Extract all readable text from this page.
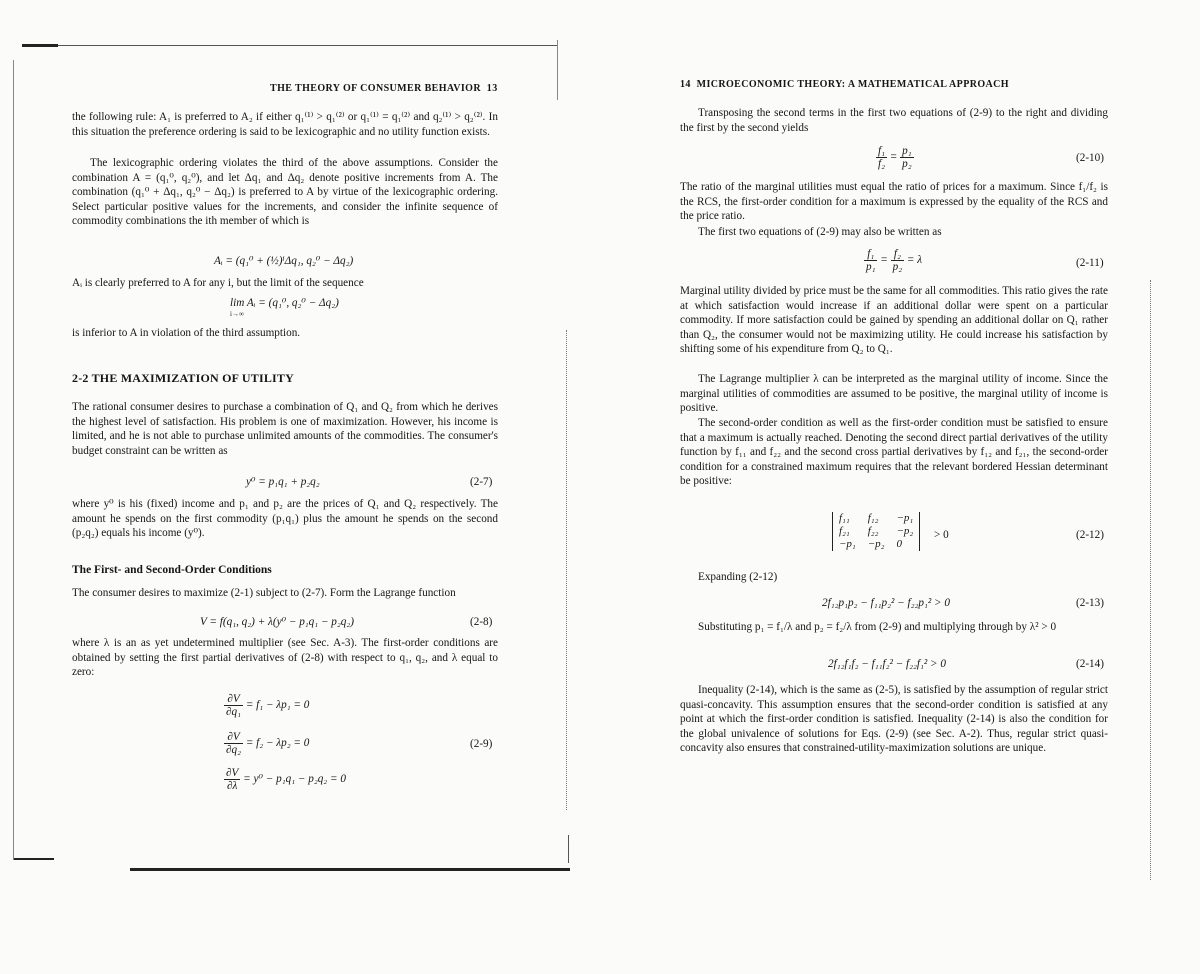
THE THEORY OF CONSUMER BEHAVIOR 13

the following rule: A₁ is preferred to A₂ if either q₁⁽¹⁾ > q₁⁽²⁾ or q₁⁽¹⁾ = q₁⁽²⁾ and q₂⁽¹⁾ > q₂⁽²⁾. In this situation the preference ordering is said to be lexicographic and no utility function exists.

The lexicographic ordering violates the third of the above assumptions. Consider the combination A = (q₁⁰, q₂⁰), and let Δq₁ and Δq₂ denote positive increments from A. The combination (q₁⁰ + Δq₁, q₂⁰ − Δq₂) is preferred to A by virtue of the lexicographic ordering. Select particular positive values for the increments, and consider the infinite sequence of commodity combinations the ith member of which is

Aᵢ = (q₁⁰ + (½)ⁱΔq₁, q₂⁰ − Δq₂)

Aᵢ is clearly preferred to A for any i, but the limit of the sequence

lim Aᵢ = (q₁⁰, q₂⁰ − Δq₂)
i→∞

is inferior to A in violation of the third assumption.

2-2 THE MAXIMIZATION OF UTILITY

The rational consumer desires to purchase a combination of Q₁ and Q₂ from which he derives the highest level of satisfaction. His problem is one of maximization. However, his income is limited, and he is not able to purchase unlimited amounts of the commodities. The consumer's budget constraint can be written as

y⁰ = p₁q₁ + p₂q₂	(2-7)

where y⁰ is his (fixed) income and p₁ and p₂ are the prices of Q₁ and Q₂ respectively. The amount he spends on the first commodity (p₁q₁) plus the amount he spends on the second (p₂q₂) equals his income (y⁰).

The First- and Second-Order Conditions

The consumer desires to maximize (2-1) subject to (2-7). Form the Lagrange function

V = f(q₁, q₂) + λ(y⁰ − p₁q₁ − p₂q₂)	(2-8)

where λ is an as yet undetermined multiplier (see Sec. A-3). The first-order conditions are obtained by setting the first partial derivatives of (2-8) with respect to q₁, q₂, and λ equal to zero:

$\frac{\partial V}{\text{∂q₁}} = f_1 - \lambda p_1 = 0$
$\frac{\partial V}{\text{∂q₂}} = f_2 - \lambda p_2 = 0$	(2-9)
$\frac{\partial V}{\partial\lambda} = y^0 - p_1q_1 - p_2q_2 = 0$
14 MICROECONOMIC THEORY: A MATHEMATICAL APPROACH

Transposing the second terms in the first two equations of (2-9) to the right and dividing the first by the second yields

$\frac{\text{f₁}}{\text{f₂}} = \frac{\text{p₁}}{\text{p₂}}$	(2-10)

The ratio of the marginal utilities must equal the ratio of prices for a maximum. Since f₁/f₂ is the RCS, the first-order condition for a maximum is expressed by the equality of the RCS and the price ratio.

The first two equations of (2-9) may also be written as

$\frac{\text{f₁}}{\text{p₁}} = \frac{\text{f₂}}{\text{p₂}} = \lambda$	(2-11)

Marginal utility divided by price must be the same for all commodities. This ratio gives the rate at which satisfaction would increase if an additional dollar were spent on a particular commodity. If more satisfaction could be gained by spending an additional dollar on Q₁ rather than Q₂, the consumer would not be maximizing utility. He could increase his satisfaction by shifting some of his expenditure from Q₂ to Q₁.

The Lagrange multiplier λ can be interpreted as the marginal utility of income. Since the marginal utilities of commodities are assumed to be positive, the marginal utility of income is positive.

The second-order condition as well as the first-order condition must be satisfied to ensure that a maximum is actually reached. Denoting the second direct partial derivatives of the utility function by f₁₁ and f₂₂ and the second cross partial derivatives by f₁₂ and f₂₁, the second-order condition for a constrained maximum requires that the relevant bordered Hessian determinant be positive:

f₁₁	f₁₂	−p₁
f₂₁	f₂₂	−p₂
−p₁	−p₂	0
> 0	(2-12)

Expanding (2-12)

2f₁₂p₁p₂ − f₁₁p₂² − f₂₂p₁² > 0	(2-13)

Substituting p₁ = f₁/λ and p₂ = f₂/λ from (2-9) and multiplying through by λ² > 0

2f₁₂f₁f₂ − f₁₁f₂² − f₂₂f₁² > 0	(2-14)

Inequality (2-14), which is the same as (2-5), is satisfied by the assumption of regular strict quasi-concavity. This assumption ensures that the second-order condition is satisfied at any point at which the first-order condition is satisfied. Inequality (2-14) is also the condition for the global univalence of solutions for Eqs. (2-9) (see Sec. A-2). Thus, regular strict quasi-concavity also ensures that constrained-utility-maximization solutions are unique.
